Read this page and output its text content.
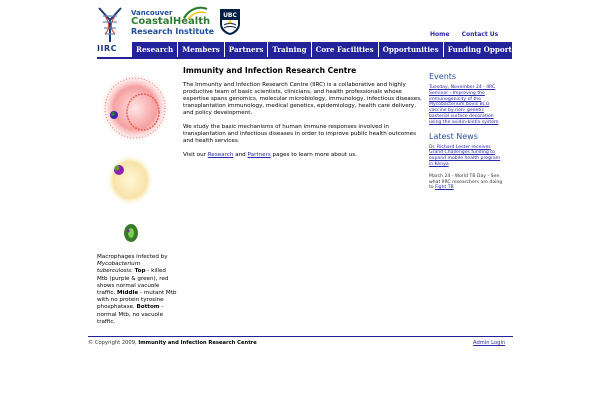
IIRC
Vancouver
CoastalHealth
Research Institute
UBC
Home Contact Us
Research	Members	Partners	Training	Core Facilities	Opportunities	Funding Opportunities
Macrophages infected by Mycobacterium tuberculosis. Top - killed Mtb (purple & green), red shows normal vacuole traffic. Middle - mutant Mtb with no protein tyrosine phosphatase. Bottom - normal Mtb, no vacuole traffic.
Immunity and Infection Research Centre

The Immunity and Infection Research Centre (IIRC) is a collaborative and highly productive team of basic scientists, clinicians, and health professionals whose expertise spans genomics, molecular microbiology, immunology, infectious diseases, transplantation immunology, medical genetics, epidemiology, health care delivery, and policy development.

We study the basic mechanisms of human immune responses involved in transplantation and infectious diseases in order to improve public health outcomes and health services.

Visit our Research and Partners pages to learn more about us.

Events
Tuesday, November 24 - IIRC Seminar - Improving the immunogenicity of the Mycobacterium bovis BCG vaccine by non- genetic bacterial surface decoration using the avidin-biotin system
Latest News
Dr. Richard Lester receives Grand Challenges funding to expand mobile health program in Kenya
March 24 - World TB Day - See what IIRC researchers are doing to Fight TB
© Copyright 2009, Immunity and Infection Research Centre	Admin Login
